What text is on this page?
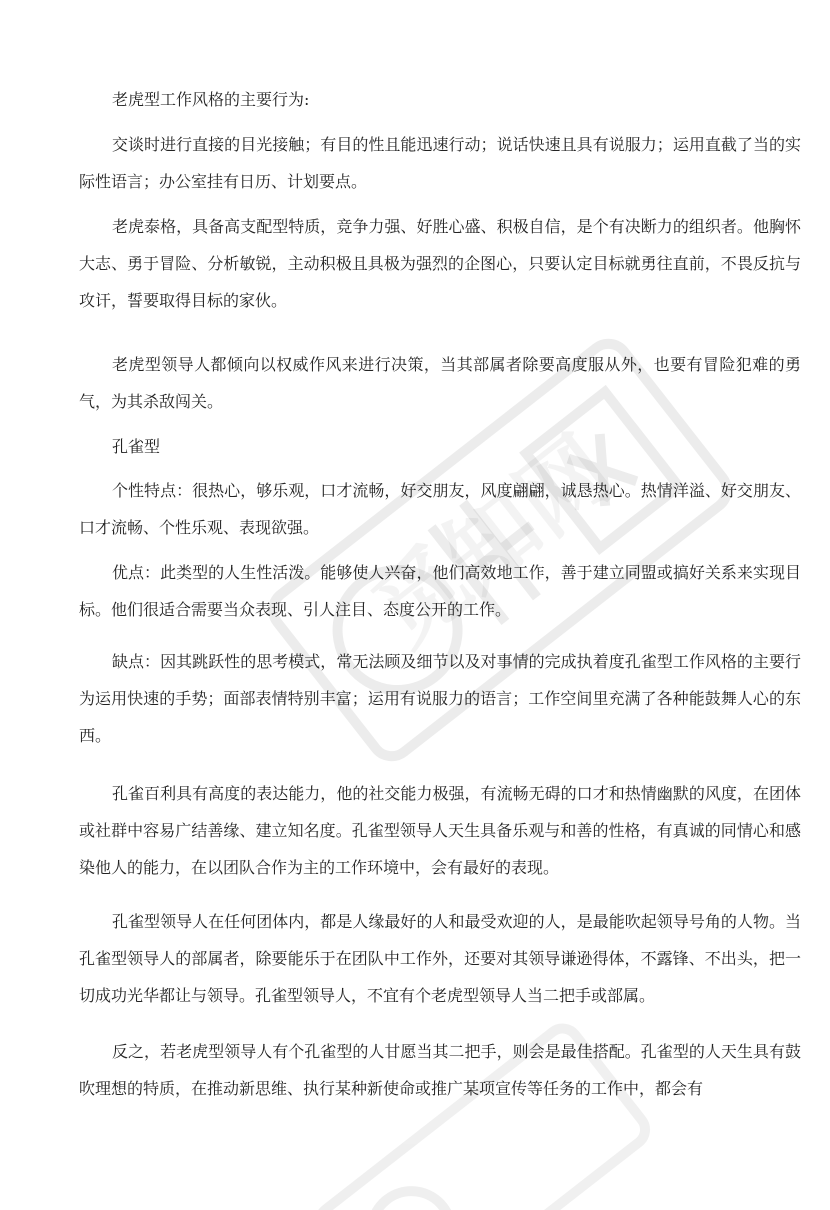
老虎型工作风格的主要行为:

交谈时进行直接的目光接触；有目的性且能迅速行动；说话快速且具有说服力；运用直截了当的实际性语言；办公室挂有日历、计划要点。

老虎泰格，具备高支配型特质，竞争力强、好胜心盛、积极自信，是个有决断力的组织者。他胸怀大志、勇于冒险、分析敏锐，主动积极且具极为强烈的企图心，只要认定目标就勇往直前，不畏反抗与攻讦，誓要取得目标的家伙。

老虎型领导人都倾向以权威作风来进行决策，当其部属者除要高度服从外，也要有冒险犯难的勇气，为其杀敌闯关。

孔雀型

个性特点：很热心，够乐观，口才流畅，好交朋友，风度翩翩，诚恳热心。热情洋溢、好交朋友、口才流畅、个性乐观、表现欲强。

优点：此类型的人生性活泼。能够使人兴奋，他们高效地工作，善于建立同盟或搞好关系来实现目标。他们很适合需要当众表现、引人注目、态度公开的工作。

缺点：因其跳跃性的思考模式，常无法顾及细节以及对事情的完成执着度孔雀型工作风格的主要行为运用快速的手势；面部表情特别丰富；运用有说服力的语言；工作空间里充满了各种能鼓舞人心的东西。

孔雀百利具有高度的表达能力，他的社交能力极强，有流畅无碍的口才和热情幽默的风度，在团体或社群中容易广结善缘、建立知名度。孔雀型领导人天生具备乐观与和善的性格，有真诚的同情心和感染他人的能力，在以团队合作为主的工作环境中，会有最好的表现。

孔雀型领导人在任何团体内，都是人缘最好的人和最受欢迎的人，是最能吹起领导号角的人物。当孔雀型领导人的部属者，除要能乐于在团队中工作外，还要对其领导谦逊得体，不露锋、不出头，把一切成功光华都让与领导。孔雀型领导人，不宜有个老虎型领导人当二把手或部属。

反之，若老虎型领导人有个孔雀型的人甘愿当其二把手，则会是最佳搭配。孔雀型的人天生具有鼓吹理想的特质，在推动新思维、执行某种新使命或推广某项宣传等任务的工作中，都会有
